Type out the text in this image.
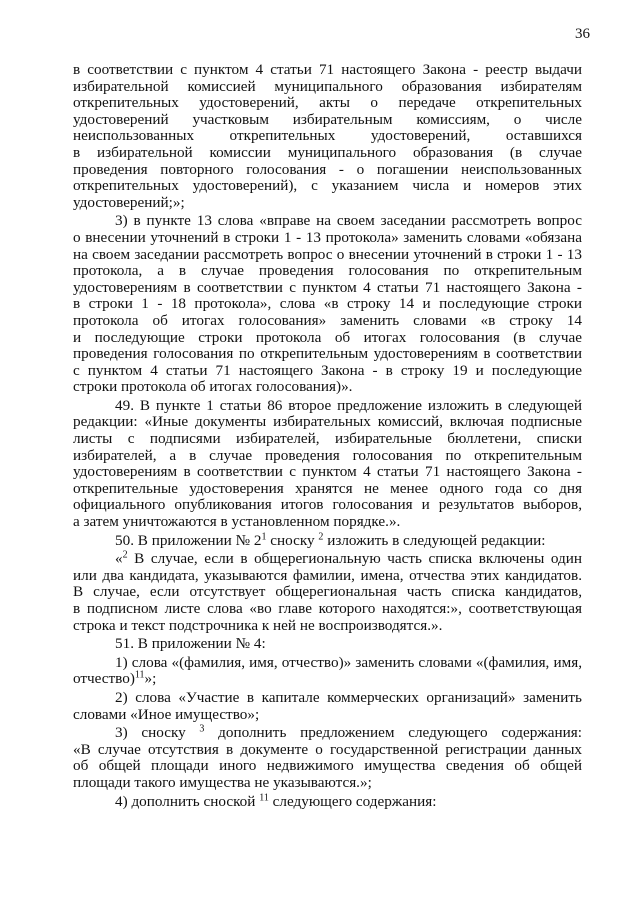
36
в соответствии с пунктом 4 статьи 71 настоящего Закона - реестр выдачи
избирательной комиссией муниципального образования избирателям
открепительных удостоверений, акты о передаче открепительных
удостоверений участковым избирательным комиссиям, о числе
неиспользованных открепительных удостоверений, оставшихся
в избирательной комиссии муниципального образования (в случае
проведения повторного голосования - о погашении неиспользованных
открепительных удостоверений), с указанием числа и номеров этих
удостоверений;»;
3) в пункте 13 слова «вправе на своем заседании рассмотреть вопрос
о внесении уточнений в строки 1 - 13 протокола» заменить словами «обязана
на своем заседании рассмотреть вопрос о внесении уточнений в строки 1 - 13
протокола, а в случае проведения голосования по открепительным
удостоверениям в соответствии с пунктом 4 статьи 71 настоящего Закона -
в строки 1 - 18 протокола», слова «в строку 14 и последующие строки
протокола об итогах голосования» заменить словами «в строку 14
и последующие строки протокола об итогах голосования (в случае
проведения голосования по открепительным удостоверениям в соответствии
с пунктом 4 статьи 71 настоящего Закона - в строку 19 и последующие
строки протокола об итогах голосования)».
49. В пункте 1 статьи 86 второе предложение изложить в следующей
редакции: «Иные документы избирательных комиссий, включая подписные
листы с подписями избирателей, избирательные бюллетени, списки
избирателей, а в случае проведения голосования по открепительным
удостоверениям в соответствии с пунктом 4 статьи 71 настоящего Закона -
открепительные удостоверения хранятся не менее одного года со дня
официального опубликования итогов голосования и результатов выборов,
а затем уничтожаются в установленном порядке.».
50. В приложении № $2^1$ сноску $^2$ изложить в следующей редакции:
«$^2$ В случае, если в общерегиональную часть списка включены один
или два кандидата, указываются фамилии, имена, отчества этих кандидатов.
В случае, если отсутствует общерегиональная часть списка кандидатов,
в подписном листе слова «во главе которого находятся:», соответствующая
строка и текст подстрочника к ней не воспроизводятся.».
51. В приложении № 4:
1) слова «(фамилия, имя, отчество)» заменить словами «(фамилия, имя,
отчество)$^{11}$»;
2) слова «Участие в капитале коммерческих организаций» заменить
словами «Иное имущество»;
3) сноску $^3$ дополнить предложением следующего содержания:
«В случае отсутствия в документе о государственной регистрации данных
об общей площади иного недвижимого имущества сведения об общей
площади такого имущества не указываются.»;
4) дополнить сноской $^{11}$ следующего содержания:
